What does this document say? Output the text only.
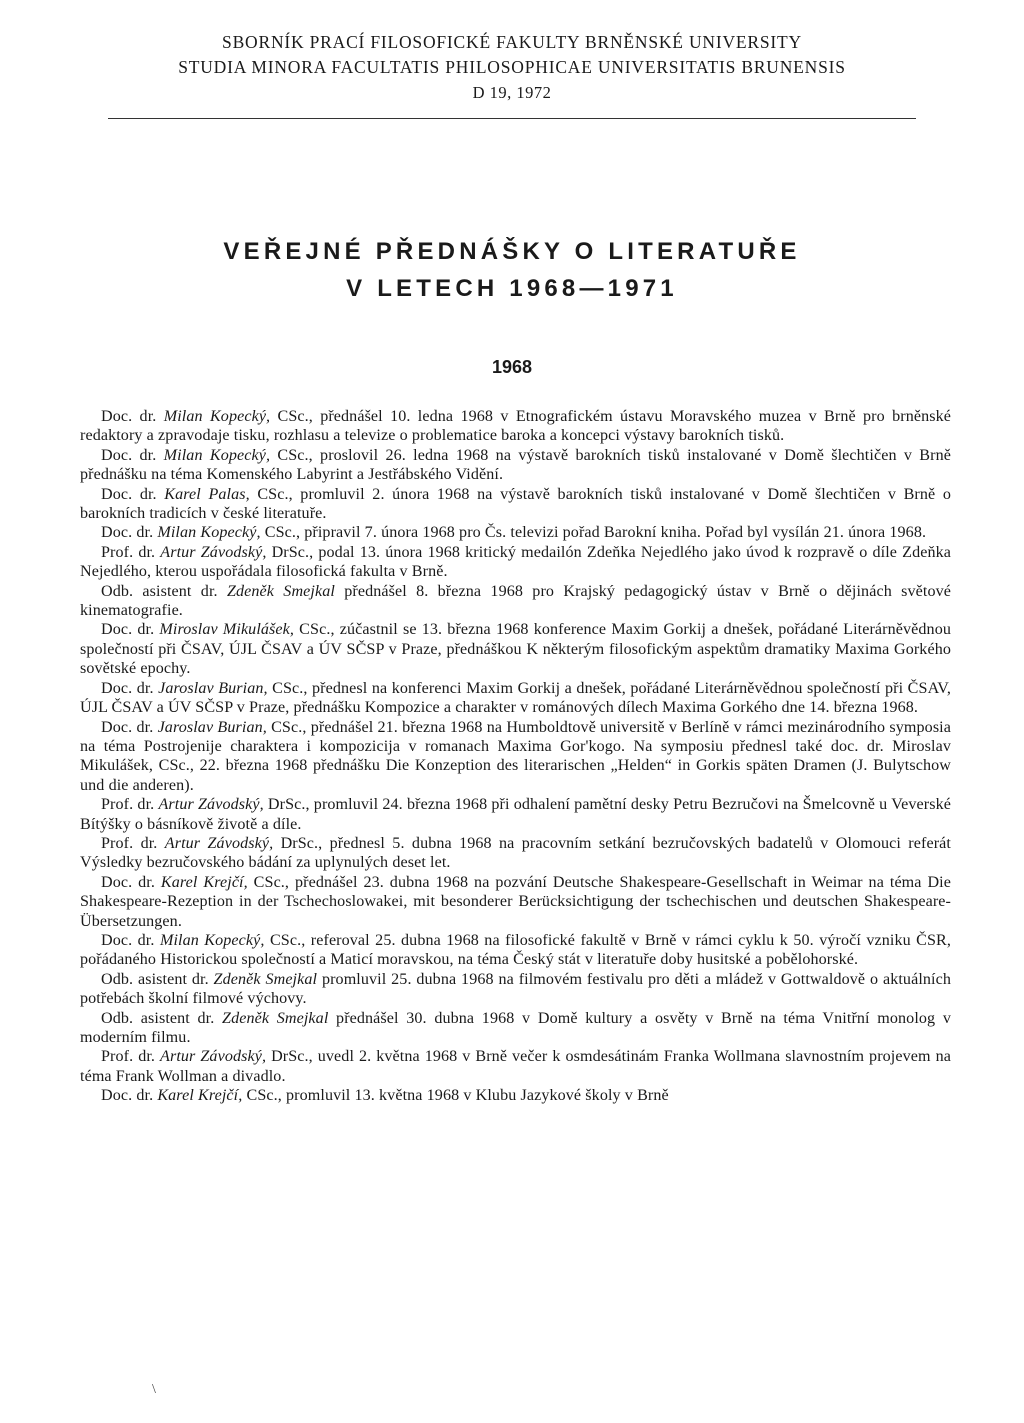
SBORNÍK PRACÍ FILOSOFICKÉ FAKULTY BRNĚNSKÉ UNIVERSITY
STUDIA MINORA FACULTATIS PHILOSOPHICAE UNIVERSITATIS BRUNENSIS
D 19, 1972
VEŘEJNÉ PŘEDNÁŠKY O LITERATUŘE
V LETECH 1968—1971
1968

Doc. dr. Milan Kopecký, CSc., přednášel 10. ledna 1968 v Etnografickém ústavu Moravského muzea v Brně pro brněnské redaktory a zpravodaje tisku, rozhlasu a televize o problematice baroka a koncepci výstavy barokních tisků.

Doc. dr. Milan Kopecký, CSc., proslovil 26. ledna 1968 na výstavě barokních tisků instalované v Domě šlechtičen v Brně přednášku na téma Komenského Labyrint a Jestřábského Vidění.

Doc. dr. Karel Palas, CSc., promluvil 2. února 1968 na výstavě barokních tisků instalované v Domě šlechtičen v Brně o barokních tradicích v české literatuře.

Doc. dr. Milan Kopecký, CSc., připravil 7. února 1968 pro Čs. televizi pořad Barokní kniha. Pořad byl vysílán 21. února 1968.

Prof. dr. Artur Závodský, DrSc., podal 13. února 1968 kritický medailón Zdeňka Nejedlého jako úvod k rozpravě o díle Zdeňka Nejedlého, kterou uspořádala filosofická fakulta v Brně.

Odb. asistent dr. Zdeněk Smejkal přednášel 8. března 1968 pro Krajský pedagogický ústav v Brně o dějinách světové kinematografie.

Doc. dr. Miroslav Mikulášek, CSc., zúčastnil se 13. března 1968 konference Maxim Gorkij a dnešek, pořádané Literárněvědnou společností při ČSAV, ÚJL ČSAV a ÚV SČSP v Praze, přednáškou K některým filosofickým aspektům dramatiky Maxima Gorkého sovětské epochy.

Doc. dr. Jaroslav Burian, CSc., přednesl na konferenci Maxim Gorkij a dnešek, pořádané Literárněvědnou společností při ČSAV, ÚJL ČSAV a ÚV SČSP v Praze, přednášku Kompozice a charakter v románových dílech Maxima Gorkého dne 14. března 1968.

Doc. dr. Jaroslav Burian, CSc., přednášel 21. března 1968 na Humboldtově universitě v Berlíně v rámci mezinárodního symposia na téma Postrojenije charaktera i kompozicija v romanach Maxima Gor'kogo. Na symposiu přednesl také doc. dr. Miroslav Mikulášek, CSc., 22. března 1968 přednášku Die Konzeption des literarischen „Helden“ in Gorkis späten Dramen (J. Bulytschow und die anderen).

Prof. dr. Artur Závodský, DrSc., promluvil 24. března 1968 při odhalení pamětní desky Petru Bezručovi na Šmelcovně u Veverské Bítýšky o básníkově životě a díle.

Prof. dr. Artur Závodský, DrSc., přednesl 5. dubna 1968 na pracovním setkání bezručovských badatelů v Olomouci referát Výsledky bezručovského bádání za uplynulých deset let.

Doc. dr. Karel Krejčí, CSc., přednášel 23. dubna 1968 na pozvání Deutsche Shakespeare-Gesellschaft in Weimar na téma Die Shakespeare-Rezeption in der Tschechoslowakei, mit besonderer Berücksichtigung der tschechischen und deutschen Shakespeare-Übersetzungen.

Doc. dr. Milan Kopecký, CSc., referoval 25. dubna 1968 na filosofické fakultě v Brně v rámci cyklu k 50. výročí vzniku ČSR, pořádaného Historickou společností a Maticí moravskou, na téma Český stát v literatuře doby husitské a pobělohorské.

Odb. asistent dr. Zdeněk Smejkal promluvil 25. dubna 1968 na filmovém festivalu pro děti a mládež v Gottwaldově o aktuálních potřebách školní filmové výchovy.

Odb. asistent dr. Zdeněk Smejkal přednášel 30. dubna 1968 v Domě kultury a osvěty v Brně na téma Vnitřní monolog v moderním filmu.

Prof. dr. Artur Závodský, DrSc., uvedl 2. května 1968 v Brně večer k osmdesátinám Franka Wollmana slavnostním projevem na téma Frank Wollman a divadlo.

Doc. dr. Karel Krejčí, CSc., promluvil 13. května 1968 v Klubu Jazykové školy v Brně

\
